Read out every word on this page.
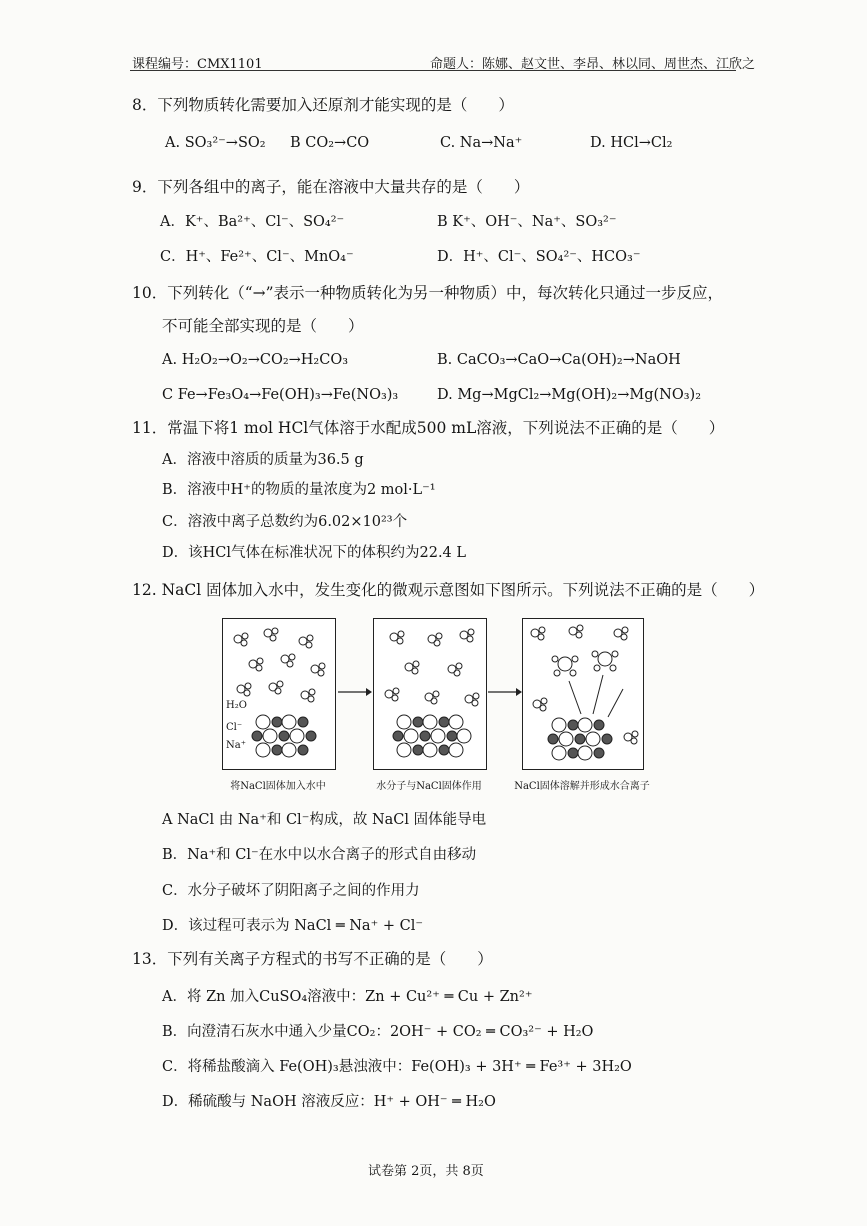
课程编号：CMX1101	命题人：陈娜、赵文世、李昂、林以同、周世杰、江欣之
8．下列物质转化需要加入还原剂才能实现的是（　　）
A. SO₃²⁻→SO₂ B CO₂→CO	C. Na→Na⁺	D. HCl→Cl₂
9．下列各组中的离子，能在溶液中大量共存的是（　　）
A．K⁺、Ba²⁺、Cl⁻、SO₄²⁻	B K⁺、OH⁻、Na⁺、SO₃²⁻
C．H⁺、Fe²⁺、Cl⁻、MnO₄⁻	D．H⁺、Cl⁻、SO₄²⁻、HCO₃⁻
10．下列转化（“→”表示一种物质转化为另一种物质）中，每次转化只通过一步反应，
不可能全部实现的是（　　）
A. H₂O₂→O₂→CO₂→H₂CO₃	B. CaCO₃→CaO→Ca(OH)₂→NaOH
C Fe→Fe₃O₄→Fe(OH)₃→Fe(NO₃)₃	D. Mg→MgCl₂→Mg(OH)₂→Mg(NO₃)₂
11．常温下将1 mol HCl气体溶于水配成500 mL溶液，下列说法不正确的是（　　）
A．溶液中溶质的质量为36.5 g
B．溶液中H⁺的物质的量浓度为2 mol·L⁻¹
C．溶液中离子总数约为6.02×10²³个
D．该HCl气体在标准状况下的体积约为22.4 L
12. NaCl 固体加入水中，发生变化的微观示意图如下图所示。下列说法不正确的是（　　）
H₂O
Cl⁻
Na⁺
将NaCl固体加入水中	水分子与NaCl固体作用	NaCl固体溶解并形成水合离子
A NaCl 由 Na⁺和 Cl⁻构成，故 NaCl 固体能导电
B．Na⁺和 Cl⁻在水中以水合离子的形式自由移动
C．水分子破坏了阴阳离子之间的作用力
D．该过程可表示为 NaCl ═ Na⁺ + Cl⁻
13．下列有关离子方程式的书写不正确的是（　　）
A．将 Zn 加入CuSO₄溶液中：Zn + Cu²⁺ ═ Cu + Zn²⁺
B．向澄清石灰水中通入少量CO₂：2OH⁻ + CO₂ ═ CO₃²⁻ + H₂O
C．将稀盐酸滴入 Fe(OH)₃悬浊液中：Fe(OH)₃ + 3H⁺ ═ Fe³⁺ + 3H₂O
D．稀硫酸与 NaOH 溶液反应：H⁺ + OH⁻ ═ H₂O
试卷第 2页，共 8页
